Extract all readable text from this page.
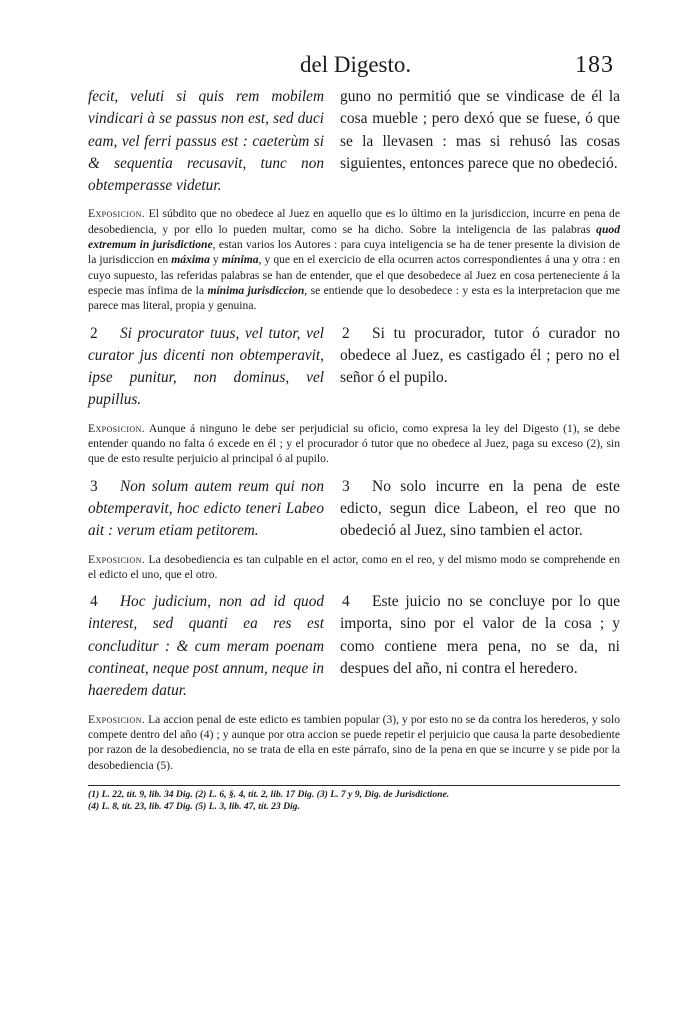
del Digesto.	183
fecit, veluti si quis rem mobilem vindicari à se passus non est, sed duci eam, vel ferri passus est : caeterùm si & sequentia recusavit, tunc non obtemperasse videtur.
guno no permitió que se vindicase de él la cosa mueble ; pero dexó que se fuese, ó que se la llevasen : mas si rehusó las cosas siguientes, entonces parece que no obedeció.
Exposicion. El súbdito que no obedece al Juez en aquello que es lo último en la jurisdiccion, incurre en pena de desobediencia, y por ello lo pueden multar, como se ha dicho. Sobre la inteligencia de las palabras quod extremum in jurisdictione, estan varios los Autores : para cuya inteligencia se ha de tener presente la division de la jurisdiccion en máxima y mínima, y que en el exercicio de ella ocurren actos correspondientes á una y otra : en cuyo supuesto, las referidas palabras se han de entender, que el que desobedece al Juez en cosa perteneciente á la especie mas ínfima de la mínima jurisdiccion, se entiende que lo desobedece : y esta es la interpretacion que me parece mas literal, propia y genuina.
2 Si procurator tuus, vel tutor, vel curator jus dicenti non obtemperavit, ipse punitur, non dominus, vel pupillus.
2 Si tu procurador, tutor ó curador no obedece al Juez, es castigado él ; pero no el señor ó el pupilo.
Exposicion. Aunque á ninguno le debe ser perjudicial su oficio, como expresa la ley del Digesto (1), se debe entender quando no falta ó excede en él ; y el procurador ó tutor que no obedece al Juez, paga su exceso (2), sin que de esto resulte perjuicio al principal ó al pupilo.
3 Non solum autem reum qui non obtemperavit, hoc edicto teneri Labeo ait : verum etiam petitorem.
3 No solo incurre en la pena de este edicto, segun dice Labeon, el reo que no obedeció al Juez, sino tambien el actor.
Exposicion. La desobediencia es tan culpable en el actor, como en el reo, y del mismo modo se comprehende en el edicto el uno, que el otro.
4 Hoc judicium, non ad id quod interest, sed quanti ea res est concluditur : & cum meram poenam contineat, neque post annum, neque in haeredem datur.
4 Este juicio no se concluye por lo que importa, sino por el valor de la cosa ; y como contiene mera pena, no se da, ni despues del año, ni contra el heredero.
Exposicion. La accion penal de este edicto es tambien popular (3), y por esto no se da contra los herederos, y solo compete dentro del año (4) ; y aunque por otra accion se puede repetir el perjuicio que causa la parte desobediente por razon de la desobediencia, no se trata de ella en este párrafo, sino de la pena en que se incurre y se pide por la desobediencia (5).
(1) L. 22, tít. 9, lib. 34 Dig. (2) L. 6, §. 4, tít. 2, lib. 17 Dig. (3) L. 7 y 9, Dig. de Jurisdictione.
(4) L. 8, tít. 23, lib. 47 Dig. (5) L. 3, lib. 47, tít. 23 Dig.
